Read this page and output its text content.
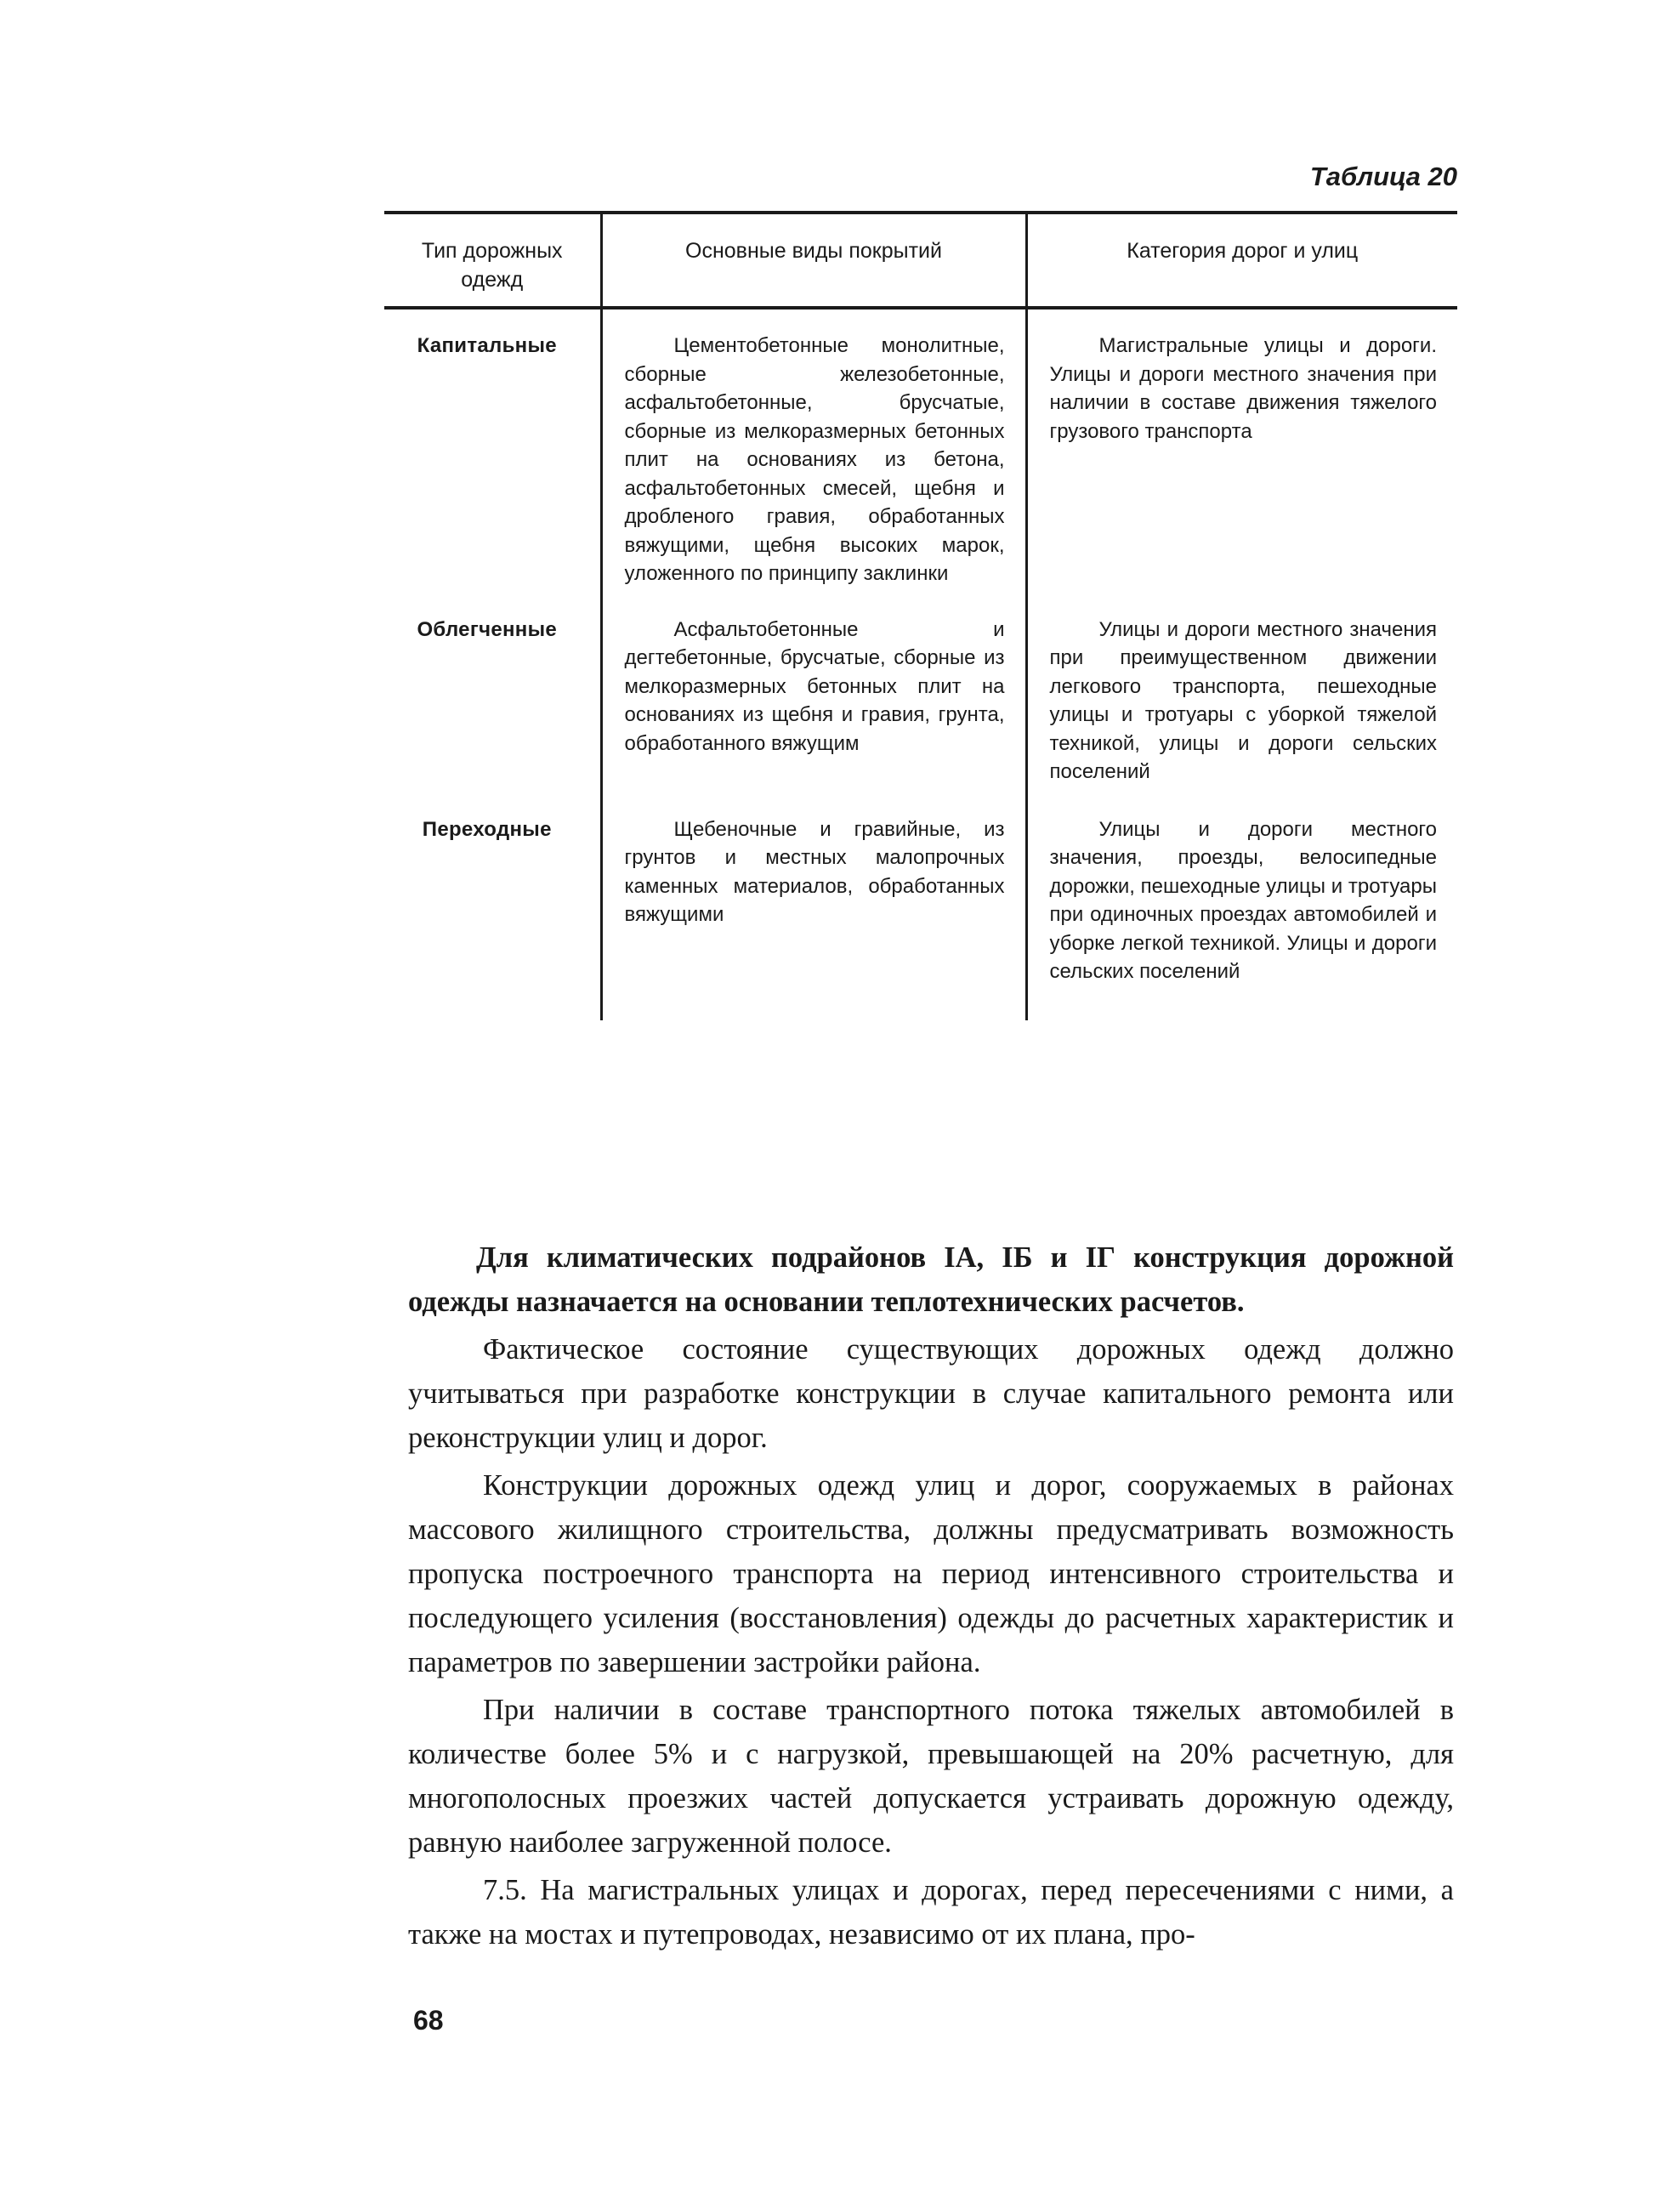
Таблица 20
Тип дорожных одежд	Основные виды покрытий	Категория дорог и улиц
Капитальные	Цементобетонные монолитные, сборные железобетонные, асфальтобетонные, брусчатые, сборные из мелкоразмерных бетонных плит на основаниях из бетона, асфальтобетонных смесей, щебня и дробленого гравия, обработанных вяжущими, щебня высоких марок, уложенного по принципу заклинки	Магистральные улицы и дороги. Улицы и дороги местного значения при наличии в составе движения тяжелого грузового транспорта
Облегченные	Асфальтобетонные и дегтебетонные, брусчатые, сборные из мелкоразмерных бетонных плит на основаниях из щебня и гравия, грунта, обработанного вяжущим	Улицы и дороги местного значения при преимущественном движении легкового транспорта, пешеходные улицы и тротуары с уборкой тяжелой техникой, улицы и дороги сельских поселений
Переходные	Щебеночные и гравийные, из грунтов и местных малопрочных каменных материалов, обработанных вяжущими	Улицы и дороги местного значения, проезды, велосипедные дорожки, пешеходные улицы и тротуары при одиночных проездах автомобилей и уборке легкой техникой. Улицы и дороги сельских поселений

Для климатических подрайонов IA, IБ и IГ конструкция дорожной одежды назначается на основании теплотехнических расчетов.

Фактическое состояние существующих дорожных одежд должно учитываться при разработке конструкции в случае капитального ремонта или реконструкции улиц и дорог.

Конструкции дорожных одежд улиц и дорог, сооружаемых в районах массового жилищного строительства, должны предусматривать возможность пропуска построечного транспорта на период интенсивного строительства и последующего усиления (восстановления) одежды до расчетных характеристик и параметров по завершении застройки района.

При наличии в составе транспортного потока тяжелых автомобилей в количестве более 5% и с нагрузкой, превышающей на 20% расчетную, для многополосных проезжих частей допускается устраивать дорожную одежду, равную наиболее загруженной полосе.

7.5. На магистральных улицах и дорогах, перед пересечениями с ними, а также на мостах и путепроводах, независимо от их плана, про-

68
